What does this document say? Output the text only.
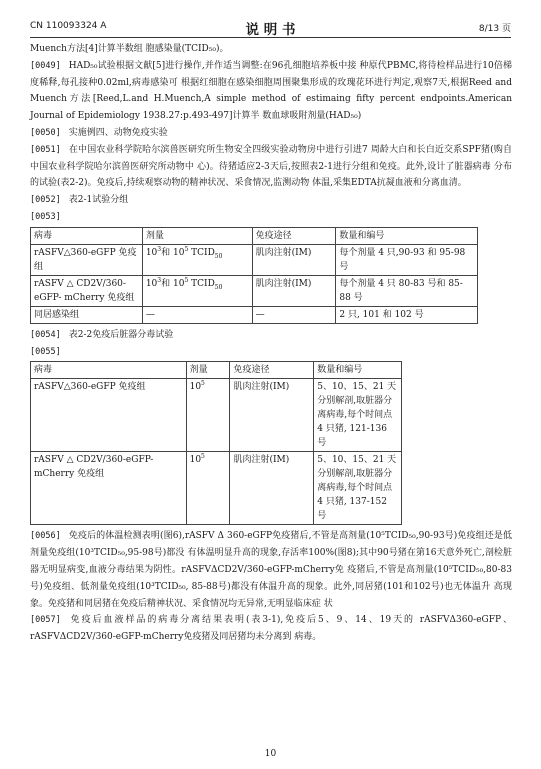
CN 110093324 A	说 明 书	8/13 页

Muench方法[4]计算半数组 胞感染量(TCID₅₀)。

[0049] HAD₅₀试验根据文献[5]进行操作,并作适当调整:在96孔细胞培养板中接 种原代PBMC,将待检样品进行10倍梯度稀释,每孔接种0.02ml,病毒感染可 根据红细胞在感染细胞周围聚集形成的玫瑰花环进行判定,观察7天,根据Reed and Muench方法[Reed,L.and H.Muench,A simple method of estimaing fifty percent endpoints.American Journal of Epidemiology 1938.27:p.493-497]计算半 数血球吸附剂量(HAD₅₀)

[0050] 实施例四、动物免疫实验

[0051] 在中国农业科学院哈尔滨兽医研究所生物安全四级实验动物房中进行引进7 周龄大白和长白近交系SPF猪(购自中国农业科学院哈尔滨兽医研究所动物中 心)。待猪适应2-3天后,按照表2-1进行分组和免疫。此外,设计了脏器病毒 分布的试验(表2-2)。免疫后,持续观察动物的精神状况、采食情况,监测动物 体温,采集EDTA抗凝血液和分离血清。

[0052] 表2-1试验分组

[0053]

病毒	剂量	免疫途径	数量和编号
rASFV△360-eGFP 免疫组	$10^3$和 $10^5$ $TCID_{50}$	肌肉注射(IM)	每个剂量 4 只,90-93 和 95-98 号
rASFV △ CD2V/360-eGFP- mCherry 免疫组	$10^3$和 $10^5$ $TCID_{50}$	肌肉注射(IM)	每个剂量 4 只 80-83 号和 85-88 号
同居感染组	—	—	2 只, 101 和 102 号

[0054] 表2-2免疫后脏器分毒试验

[0055]

病毒	剂量	免疫途径	数量和编号
rASFV△360-eGFP 免疫组	$10^5$	肌肉注射(IM)	5、10、15、21 天分别解剖,取脏器分离病毒,每个时间点 4 只猪, 121-136 号
rASFV △ CD2V/360-eGFP-mCherry 免疫组	$10^5$	肌肉注射(IM)	5、10、15、21 天分别解剖,取脏器分离病毒,每个时间点 4 只猪, 137-152 号

[0056] 免疫后的体温检测表明(图6),rASFV Δ 360-eGFP免疫猪后,不管是高剂量(10⁵TCID₅₀,90-93号)免疫组还是低剂量免疫组(10³TCID₅₀,95-98号)都没 有体温明显升高的现象,存活率100%(图8);其中90号猪在第16天意外死亡,剖检脏器无明显病变,血液分毒结果为阴性。rASFVΔCD2V/360-eGFP-mCherry免 疫猪后,不管是高剂量(10⁵TCID₅₀,80-83号)免疫组、低剂量免疫组(10³TCID₅₀, 85-88号)都没有体温升高的现象。此外,同居猪(101和102号)也无体温升 高现象。免疫猪和同居猪在免疫后精神状况、采食情况均无异常,无明显临床症 状

[0057] 免疫后血液样品的病毒分离结果表明(表3-1),免疫后5、9、14、19天的 rASFVΔ360-eGFP、rASFVΔCD2V/360-eGFP-mCherry免疫猪及同居猪均未分离到 病毒。

10
